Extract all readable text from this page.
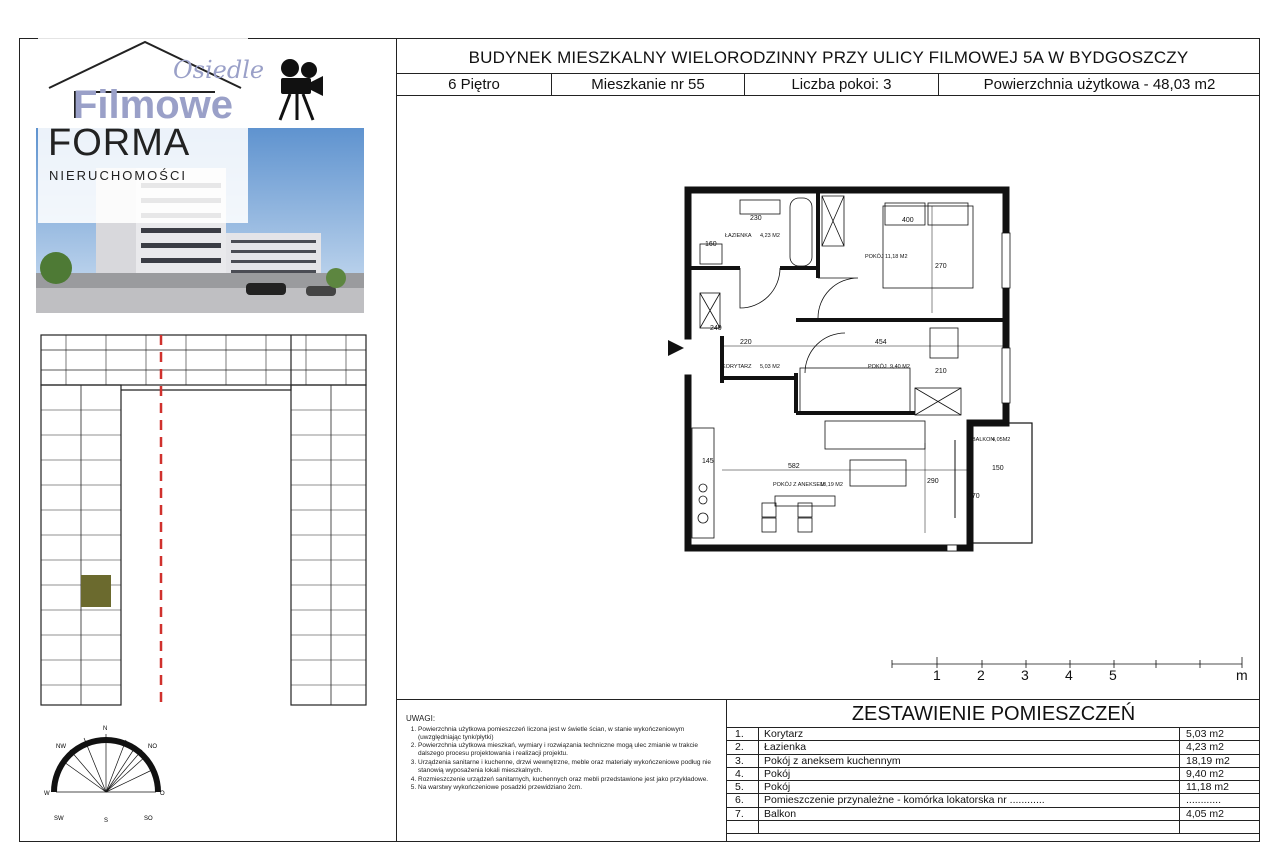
BUDYNEK MIESZKALNY WIELORODZINNY PRZY ULICY FILMOWEJ 5A W BYDGOSZCZY
6 Piętro	Mieszkanie nr 55	Liczba pokoi: 3	Powierzchnia użytkowa - 48,03 m2
Osiedle
Filmowe
FORMA
NIERUCHOMOŚCI
N
NO
O
SO
S
SW
W
NW
ŁAZIENKA 4,23 M2
POKÓJ 11,18 M2
KORYTARZ 5,03 M2	POKÓJ 9,40 M2
POKÓJ Z ANEKSEM
18,19 M2
BALKON
4,05M2
230	400
270
220	454
210
240
160
582
290
150
270
145
1	2	3	4	5	m
UWAGI:
1. Powierzchnia użytkowa pomieszczeń liczona jest w świetle ścian, w stanie wykończeniowym (uwzględniając tynk/płytki)
2. Powierzchnia użytkowa mieszkań, wymiary i rozwiązania techniczne mogą ulec zmianie w trakcie dalszego procesu projektowania i realizacji projektu.
3. Urządzenia sanitarne i kuchenne, drzwi wewnętrzne, meble oraz materiały wykończeniowe podług nie stanowią wyposażenia lokali mieszkalnych.
4. Rozmieszczenie urządzeń sanitarnych, kuchennych oraz mebli przedstawione jest jako przykładowe.
5. Na warstwy wykończeniowe posadzki przewidziano 2cm.
ZESTAWIENIE POMIESZCZEŃ
1.	Korytarz	5,03 m2
2.	Łazienka	4,23 m2
3.	Pokój z aneksem kuchennym	18,19 m2
4.	Pokój	9,40 m2
5.	Pokój	11,18 m2
6.	Pomieszczenie przynależne - komórka lokatorska nr ............	............
7.	Balkon	4,05 m2
